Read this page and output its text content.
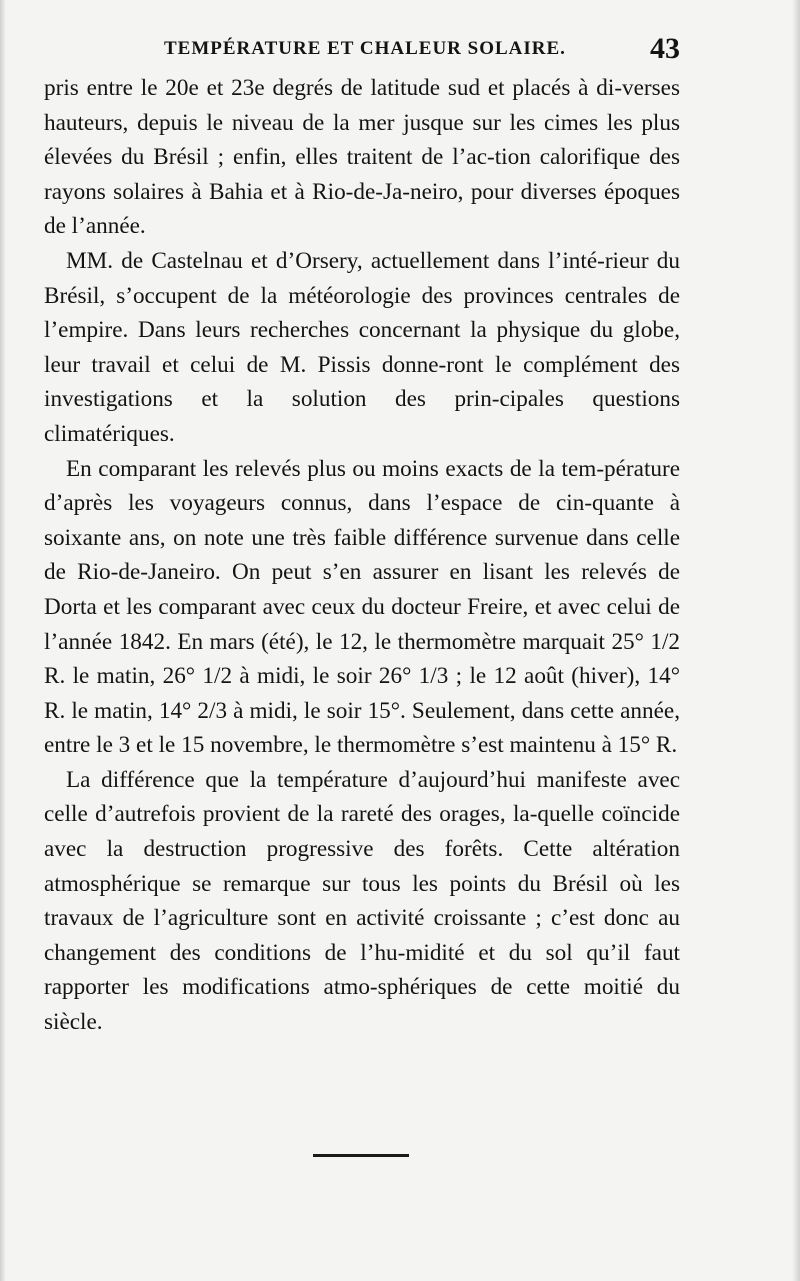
TEMPÉRATURE ET CHALEUR SOLAIRE.	43

pris entre le 20e et 23e degrés de latitude sud et placés à di-verses hauteurs, depuis le niveau de la mer jusque sur les cimes les plus élevées du Brésil ; enfin, elles traitent de l’ac-tion calorifique des rayons solaires à Bahia et à Rio-de-Ja-neiro, pour diverses époques de l’année.

MM. de Castelnau et d’Orsery, actuellement dans l’inté-rieur du Brésil, s’occupent de la météorologie des provinces centrales de l’empire. Dans leurs recherches concernant la physique du globe, leur travail et celui de M. Pissis donne-ront le complément des investigations et la solution des prin-cipales questions climatériques.

En comparant les relevés plus ou moins exacts de la tem-pérature d’après les voyageurs connus, dans l’espace de cin-quante à soixante ans, on note une très faible différence survenue dans celle de Rio-de-Janeiro. On peut s’en assurer en lisant les relevés de Dorta et les comparant avec ceux du docteur Freire, et avec celui de l’année 1842. En mars (été), le 12, le thermomètre marquait 25° 1/2 R. le matin, 26° 1/2 à midi, le soir 26° 1/3 ; le 12 août (hiver), 14° R. le matin, 14° 2/3 à midi, le soir 15°. Seulement, dans cette année, entre le 3 et le 15 novembre, le thermomètre s’est maintenu à 15° R.

La différence que la température d’aujourd’hui manifeste avec celle d’autrefois provient de la rareté des orages, la-quelle coïncide avec la destruction progressive des forêts. Cette altération atmosphérique se remarque sur tous les points du Brésil où les travaux de l’agriculture sont en activité croissante ; c’est donc au changement des conditions de l’hu-midité et du sol qu’il faut rapporter les modifications atmo-sphériques de cette moitié du siècle.
